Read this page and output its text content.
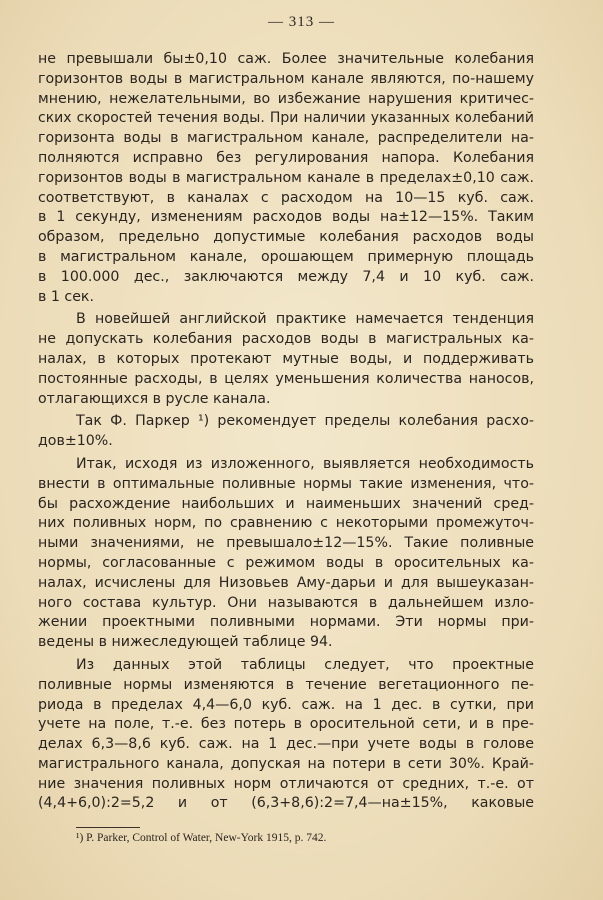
— 313 —
не превышали бы±0,10 саж. Более значительные колебания
горизонтов воды в магистральном канале являются, по-нашему
мнению, нежелательными, во избежание нарушения критичес-
ских скоростей течения воды. При наличии указанных колебаний
горизонта воды в магистральном канале, распределители на-
полняются исправно без регулирования напора. Колебания
горизонтов воды в магистральном канале в пределах±0,10 саж.
соответствуют, в каналах с расходом на 10—15 куб. саж.
в 1 секунду, изменениям расходов воды на±12—15%. Таким
образом, предельно допустимые колебания расходов воды
в магистральном канале, орошающем примерную площадь
в 100.000 дес., заключаются между 7,4 и 10 куб. саж.
в 1 сек.
В новейшей английской практике намечается тенденция
не допускать колебания расходов воды в магистральных ка-
налах, в которых протекают мутные воды, и поддерживать
постоянные расходы, в целях уменьшения количества наносов,
отлагающихся в русле канала.
Так Ф. Паркер ¹) рекомендует пределы колебания расхо-
дов±10%.
Итак, исходя из изложенного, выявляется необходимость
внести в оптимальные поливные нормы такие изменения, что-
бы расхождение наибольших и наименьших значений сред-
них поливных норм, по сравнению с некоторыми промежуточ-
ными значениями, не превышало±12—15%. Такие поливные
нормы, согласованные с режимом воды в оросительных ка-
налах, исчислены для Низовьев Аму-дарьи и для вышеуказан-
ного состава культур. Они называются в дальнейшем изло-
жении проектными поливными нормами. Эти нормы при-
ведены в нижеследующей таблице 94.
Из данных этой таблицы следует, что проектные
поливные нормы изменяются в течение вегетационного пе-
риода в пределах 4,4—6,0 куб. саж. на 1 дес. в сутки, при
учете на поле, т.-е. без потерь в оросительной сети, и в пре-
делах 6,3—8,6 куб. саж. на 1 дес.—при учете воды в голове
магистрального канала, допуская на потери в сети 30%. Край-
ние значения поливных норм отличаются от средних, т.-е. от
(4,4+6,0):2=5,2 и от (6,3+8,6):2=7,4—на±15%, каковые
¹) P. Parker, Control of Water, New-York 1915, p. 742.
